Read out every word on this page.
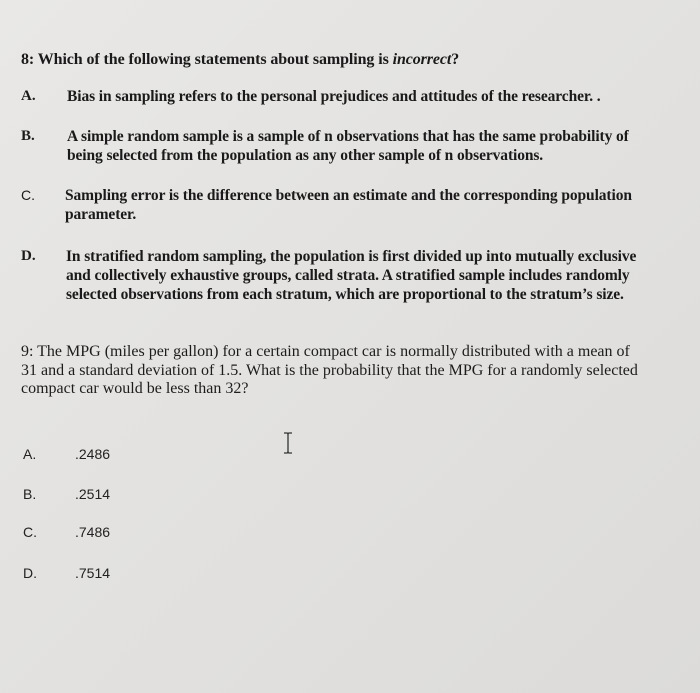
8: Which of the following statements about sampling is incorrect?
A. Bias in sampling refers to the personal prejudices and attitudes of the researcher. .
B. A simple random sample is a sample of n observations that has the same probability of
being selected from the population as any other sample of n observations.
C. Sampling error is the difference between an estimate and the corresponding population
parameter.
D. In stratified random sampling, the population is first divided up into mutually exclusive
and collectively exhaustive groups, called strata. A stratified sample includes randomly
selected observations from each stratum, which are proportional to the stratum’s size.
9: The MPG (miles per gallon) for a certain compact car is normally distributed with a mean of
31 and a standard deviation of 1.5. What is the probability that the MPG for a randomly selected
compact car would be less than 32?
A.	.2486
B.	.2514
C.	.7486
D.	.7514
